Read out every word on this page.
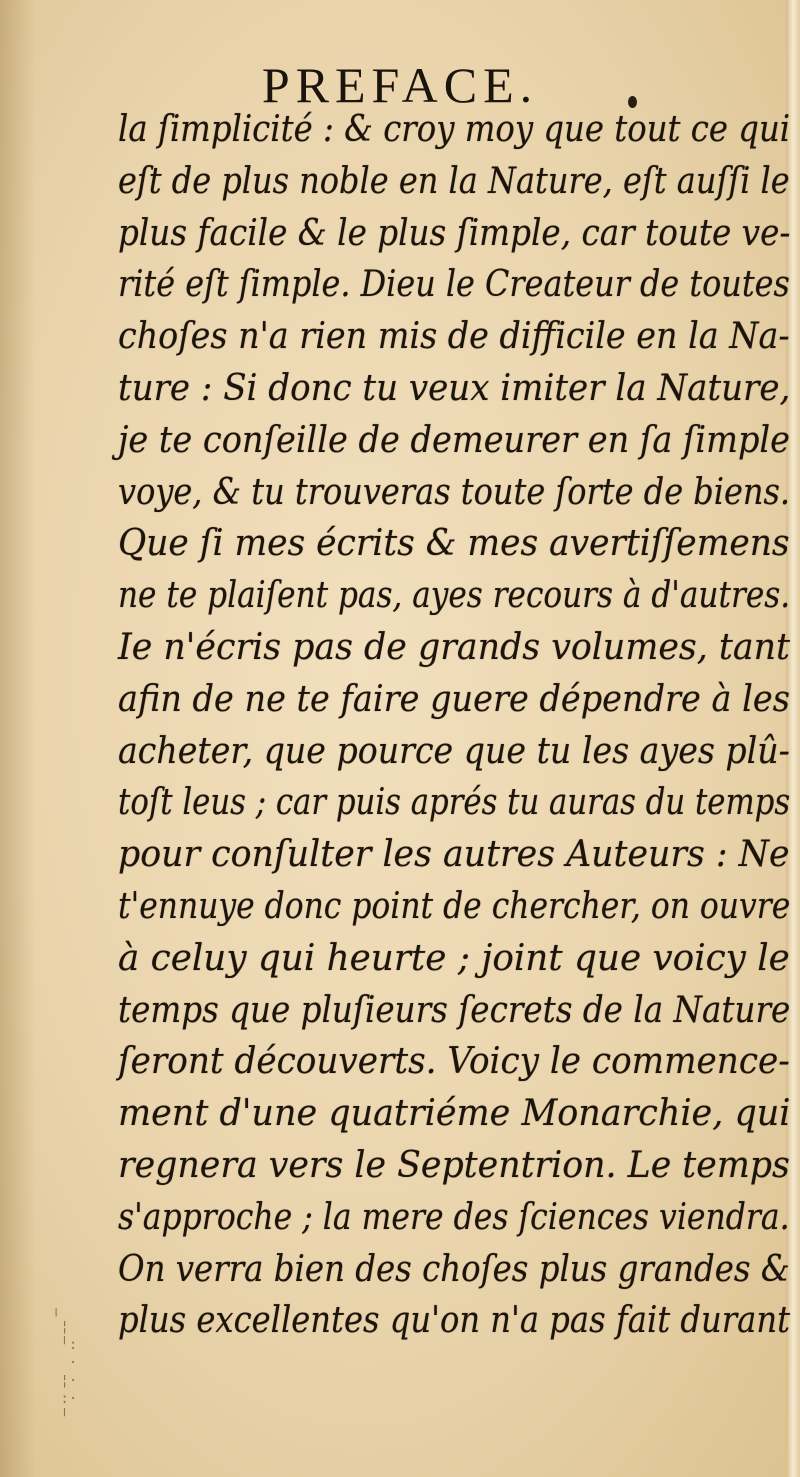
PREFACE.
la ſimplicité : & croy moy que tout ce qui
eſt de plus noble en la Nature, eſt auſſi le
plus facile & le plus ſimple, car toute ve-
rité eſt ſimple. Dieu le Createur de toutes
choſes n'a rien mis de difficile en la Na-
ture : Si donc tu veux imiter la Nature,
je te conſeille de demeurer en ſa ſimple
voye, & tu trouveras toute ſorte de biens.
Que ſi mes écrits & mes avertiſſemens
ne te plaiſent pas, ayes recours à d'autres.
Ie n'écris pas de grands volumes, tant
afin de ne te faire guere dépendre à les
acheter, que pource que tu les ayes plû-
toſt leus ; car puis aprés tu auras du temps
pour conſulter les autres Auteurs : Ne
t'ennuye donc point de chercher, on ouvre
à celuy qui heurte ; joint que voicy le
temps que pluſieurs ſecrets de la Nature
ſeront découverts. Voicy le commence-
ment d'une quatriéme Monarchie, qui
regnera vers le Septentrion. Le temps
s'approche ; la mere des ſciences viendra.
On verra bien des choſes plus grandes &
plus excellentes qu'on n'a pas fait durant
╷
¦
╵:
·
¦·
:·
╵
